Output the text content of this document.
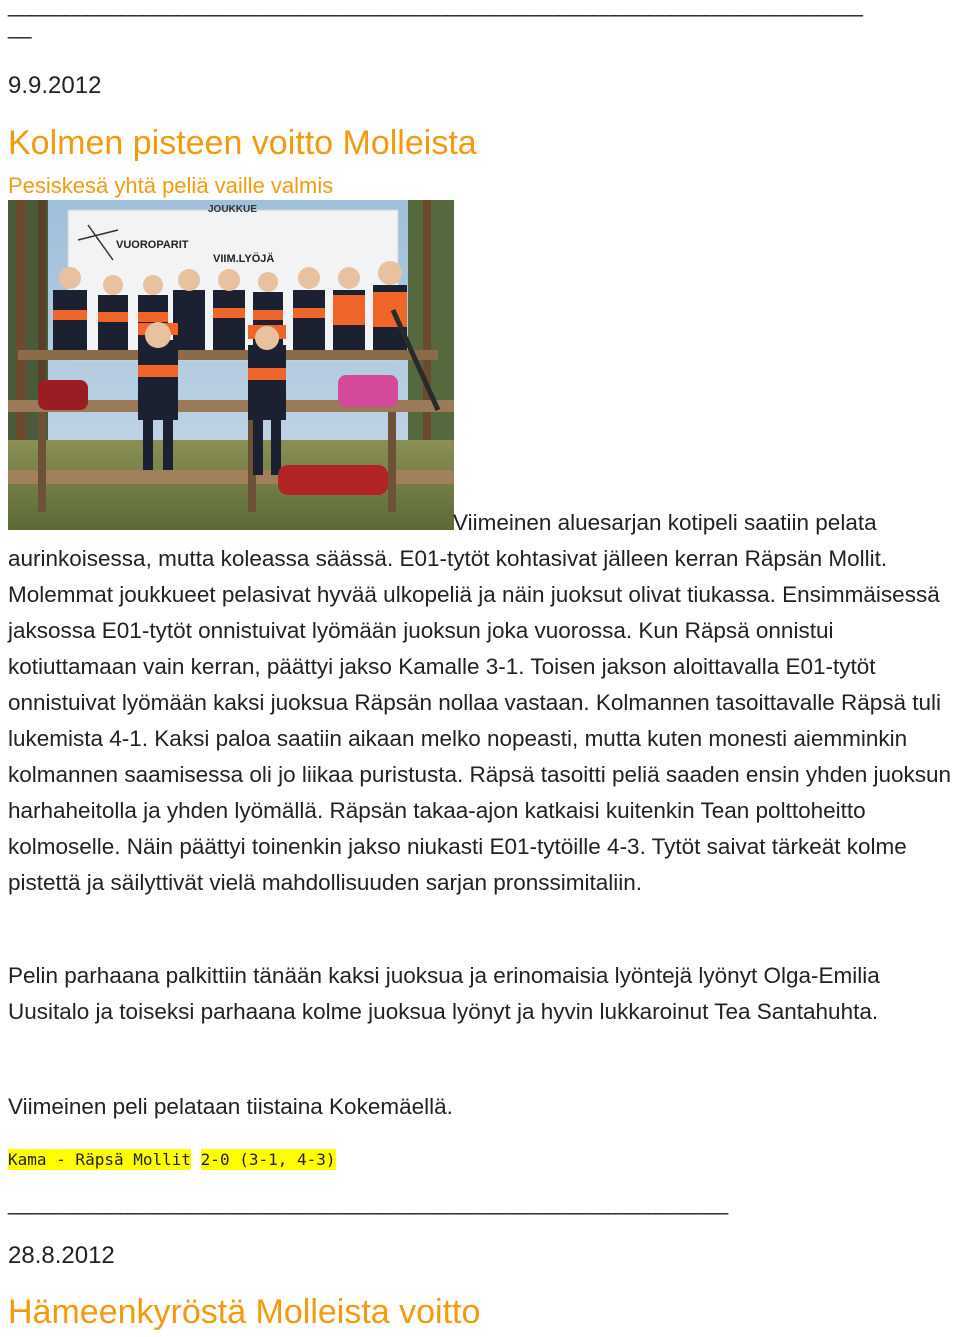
____________________________________________________________________________
__
9.9.2012
Kolmen pisteen voitto Molleista
Pesiskesä yhtä peliä vaille valmis
JOUKKUE
VUOROPARIT
VIIM.LYÖJÄ
Viimeinen aluesarjan kotipeli saatiin pelata aurinkoisessa, mutta koleassa säässä. E01-tytöt kohtasivat jälleen kerran Räpsän Mollit. Molemmat joukkueet pelasivat hyvää ulkopeliä ja näin juoksut olivat tiukassa. Ensimmäisessä jaksossa E01-tytöt onnistuivat lyömään juoksun joka vuorossa. Kun Räpsä onnistui kotiuttamaan vain kerran, päättyi jakso Kamalle 3-1. Toisen jakson aloittavalla E01-tytöt onnistuivat lyömään kaksi juoksua Räpsän nollaa vastaan. Kolmannen tasoittavalle Räpsä tuli lukemista 4-1. Kaksi paloa saatiin aikaan melko nopeasti, mutta kuten monesti aiemminkin kolmannen saamisessa oli jo liikaa puristusta. Räpsä tasoitti peliä saaden ensin yhden juoksun harhaheitolla ja yhden lyömällä. Räpsän takaa-ajon katkaisi kuitenkin Tean polttoheitto kolmoselle. Näin päättyi toinenkin jakso niukasti E01-tytöille 4-3. Tytöt saivat tärkeät kolme pistettä ja säilyttivät vielä mahdollisuuden sarjan pronssimitaliin.
Pelin parhaana palkittiin tänään kaksi juoksua ja erinomaisia lyöntejä lyönyt Olga-Emilia Uusitalo ja toiseksi parhaana kolme juoksua lyönyt ja hyvin lukkaroinut Tea Santahuhta.
Viimeinen peli pelataan tiistaina Kokemäellä.
Kama - Räpsä Mollit 2-0 (3-1, 4-3)
________________________________________________________________
28.8.2012
Hämeenkyröstä Molleista voitto
